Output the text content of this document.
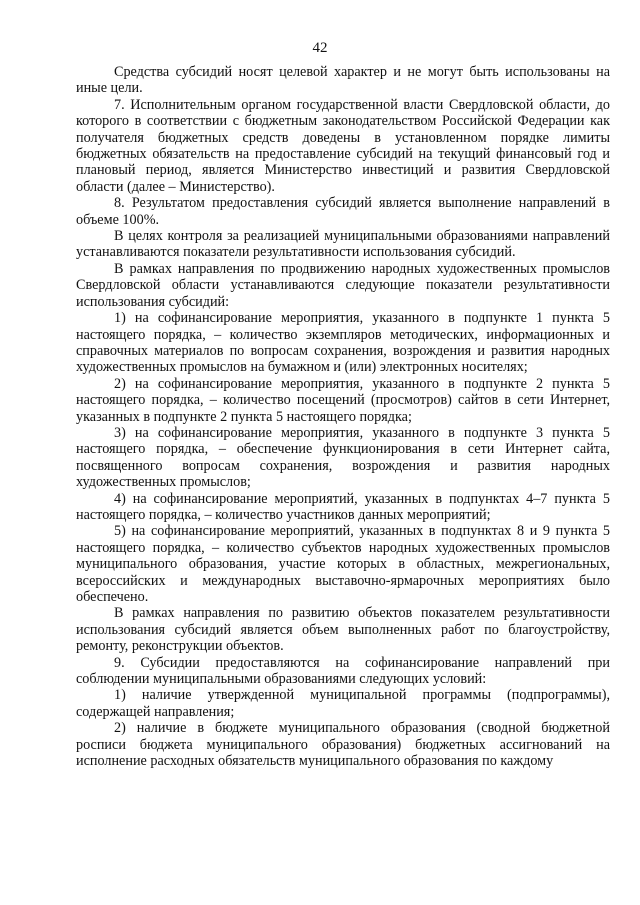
42

Средства субсидий носят целевой характер и не могут быть использованы на иные цели.

7. Исполнительным органом государственной власти Свердловской области, до которого в соответствии с бюджетным законодательством Российской Федерации как получателя бюджетных средств доведены в установленном порядке лимиты бюджетных обязательств на предоставление субсидий на текущий финансовый год и плановый период, является Министерство инвестиций и развития Свердловской области (далее – Министерство).

8. Результатом предоставления субсидий является выполнение направлений в объеме 100%.

В целях контроля за реализацией муниципальными образованиями направлений устанавливаются показатели результативности использования субсидий.

В рамках направления по продвижению народных художественных промыслов Свердловской области устанавливаются следующие показатели результативности использования субсидий:

1) на софинансирование мероприятия, указанного в подпункте 1 пункта 5 настоящего порядка, – количество экземпляров методических, информационных и справочных материалов по вопросам сохранения, возрождения и развития народных художественных промыслов на бумажном и (или) электронных носителях;

2) на софинансирование мероприятия, указанного в подпункте 2 пункта 5 настоящего порядка, – количество посещений (просмотров) сайтов в сети Интернет, указанных в подпункте 2 пункта 5 настоящего порядка;

3) на софинансирование мероприятия, указанного в подпункте 3 пункта 5 настоящего порядка, – обеспечение функционирования в сети Интернет сайта, посвященного вопросам сохранения, возрождения и развития народных художественных промыслов;

4) на софинансирование мероприятий, указанных в подпунктах 4–7 пункта 5 настоящего порядка, – количество участников данных мероприятий;

5) на софинансирование мероприятий, указанных в подпунктах 8 и 9 пункта 5 настоящего порядка, – количество субъектов народных художественных промыслов муниципального образования, участие которых в областных, межрегиональных, всероссийских и международных выставочно-ярмарочных мероприятиях было обеспечено.

В рамках направления по развитию объектов показателем результативности использования субсидий является объем выполненных работ по благоустройству, ремонту, реконструкции объектов.

9. Субсидии предоставляются на софинансирование направлений при соблюдении муниципальными образованиями следующих условий:

1) наличие утвержденной муниципальной программы (подпрограммы), содержащей направления;

2) наличие в бюджете муниципального образования (сводной бюджетной росписи бюджета муниципального образования) бюджетных ассигнований на исполнение расходных обязательств муниципального образования по каждому
